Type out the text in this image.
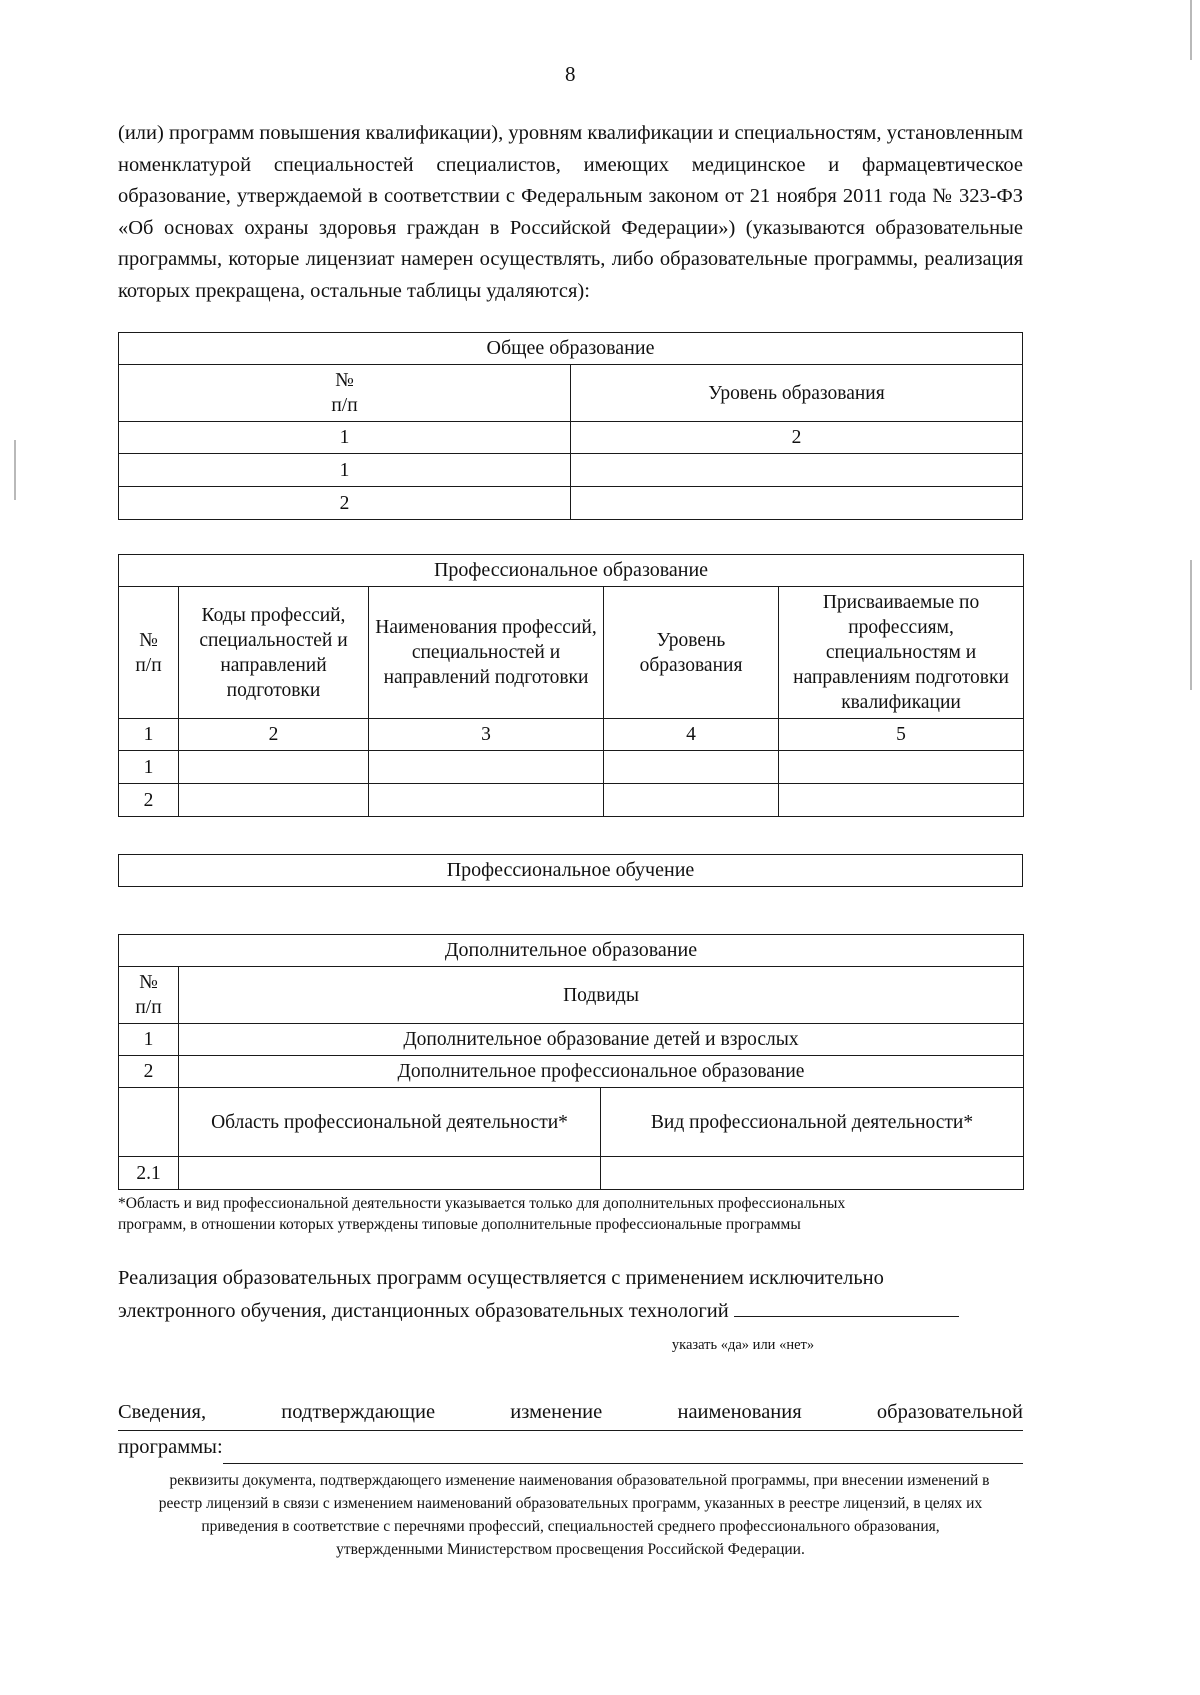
8
(или) программ повышения квалификации), уровням квалификации и специальностям, установленным номенклатурой специальностей специалистов, имеющих медицинское и фармацевтическое образование, утверждаемой в соответствии с Федеральным законом от 21 ноября 2011 года № 323-ФЗ «Об основах охраны здоровья граждан в Российской Федерации») (указываются образовательные программы, которые лицензиат намерен осуществлять, либо образовательные программы, реализация которых прекращена, остальные таблицы удаляются):
Общее образование	

№
п/п	Уровень образования
1	2
1	
2	
Профессиональное образование				

№
п/п	Коды профессий, специальностей и направлений подготовки	Наименования профессий, специальностей и направлений подготовки	Уровень образования	Присваиваемые по профессиям, специальностям и направлениям подготовки квалификации
1	2	3	4	5
1				
2				
Профессиональное обучение
Дополнительное образование		

№
п/п	Подвиды	
1	Дополнительное образование детей и взрослых	
2	Дополнительное профессиональное образование	
	Область профессиональной деятельности*	Вид профессиональной деятельности*
2.1		
*Область и вид профессиональной деятельности указывается только для дополнительных профессиональных
программ, в отношении которых утверждены типовые дополнительные профессиональные программы
Реализация образовательных программ осуществляется с применением исключительно
электронного обучения, дистанционных образовательных технологий
указать «да» или «нет»
Сведения,	подтверждающие	изменение	наименования	образовательной
программы:
реквизиты документа, подтверждающего изменение наименования образовательной программы, при внесении изменений в
реестр лицензий в связи с изменением наименований образовательных программ, указанных в реестре лицензий, в целях их
приведения в соответствие с перечнями профессий, специальностей среднего профессионального образования,
утвержденными Министерством просвещения Российской Федерации.
